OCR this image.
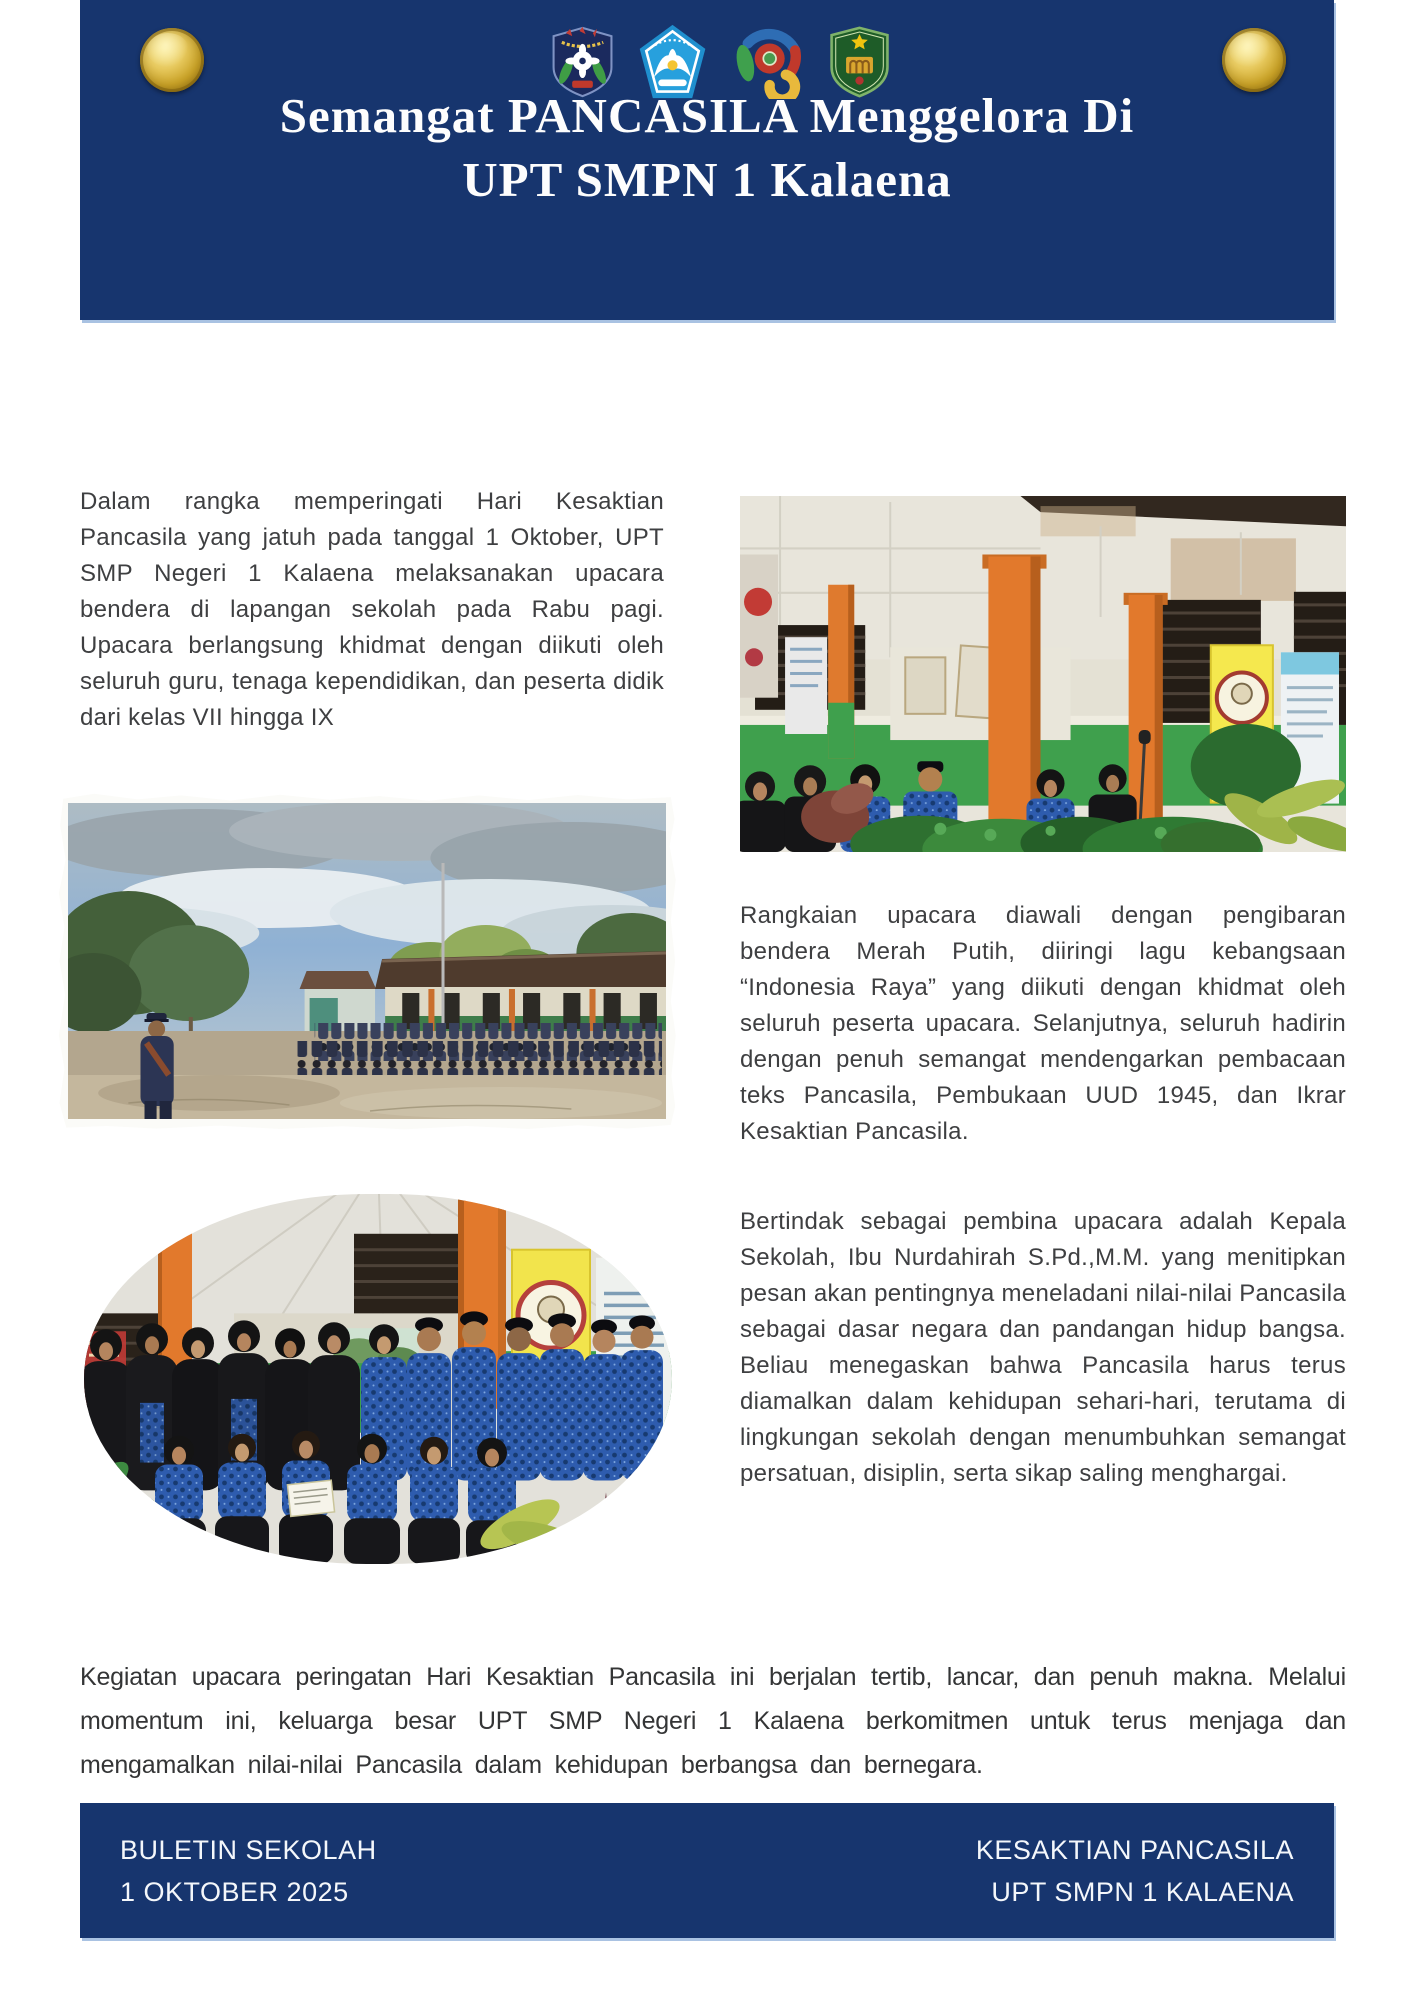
Semangat PANCASILA Menggelora Di
UPT SMPN 1 Kalaena

Dalam rangka memperingati Hari Kesaktian Pancasila yang jatuh pada tanggal 1 Oktober, UPT SMP Negeri 1 Kalaena melaksanakan upacara bendera di lapangan sekolah pada Rabu pagi. Upacara berlangsung khidmat dengan diikuti oleh seluruh guru, tenaga kependidikan, dan peserta didik dari kelas VII hingga IX

Rangkaian upacara diawali dengan pengibaran bendera Merah Putih, diiringi lagu kebangsaan “Indonesia Raya” yang diikuti dengan khidmat oleh seluruh peserta upacara. Selanjutnya, seluruh hadirin dengan penuh semangat mendengarkan pembacaan teks Pancasila, Pembukaan UUD 1945, dan Ikrar Kesaktian Pancasila.

Bertindak sebagai pembina upacara adalah Kepala Sekolah, Ibu Nurdahirah S.Pd.,M.M. yang menitipkan pesan akan pentingnya meneladani nilai-nilai Pancasila sebagai dasar negara dan pandangan hidup bangsa. Beliau menegaskan bahwa Pancasila harus terus diamalkan dalam kehidupan sehari-hari, terutama di lingkungan sekolah dengan menumbuhkan semangat persatuan, disiplin, serta sikap saling menghargai.

Kegiatan upacara peringatan Hari Kesaktian Pancasila ini berjalan tertib, lancar, dan penuh makna. Melalui momentum ini, keluarga besar UPT SMP Negeri 1 Kalaena berkomitmen untuk terus menjaga dan mengamalkan nilai-nilai Pancasila dalam kehidupan berbangsa dan bernegara.

BULETIN SEKOLAH
1 OKTOBER 2025
KESAKTIAN PANCASILA
UPT SMPN 1 KALAENA
